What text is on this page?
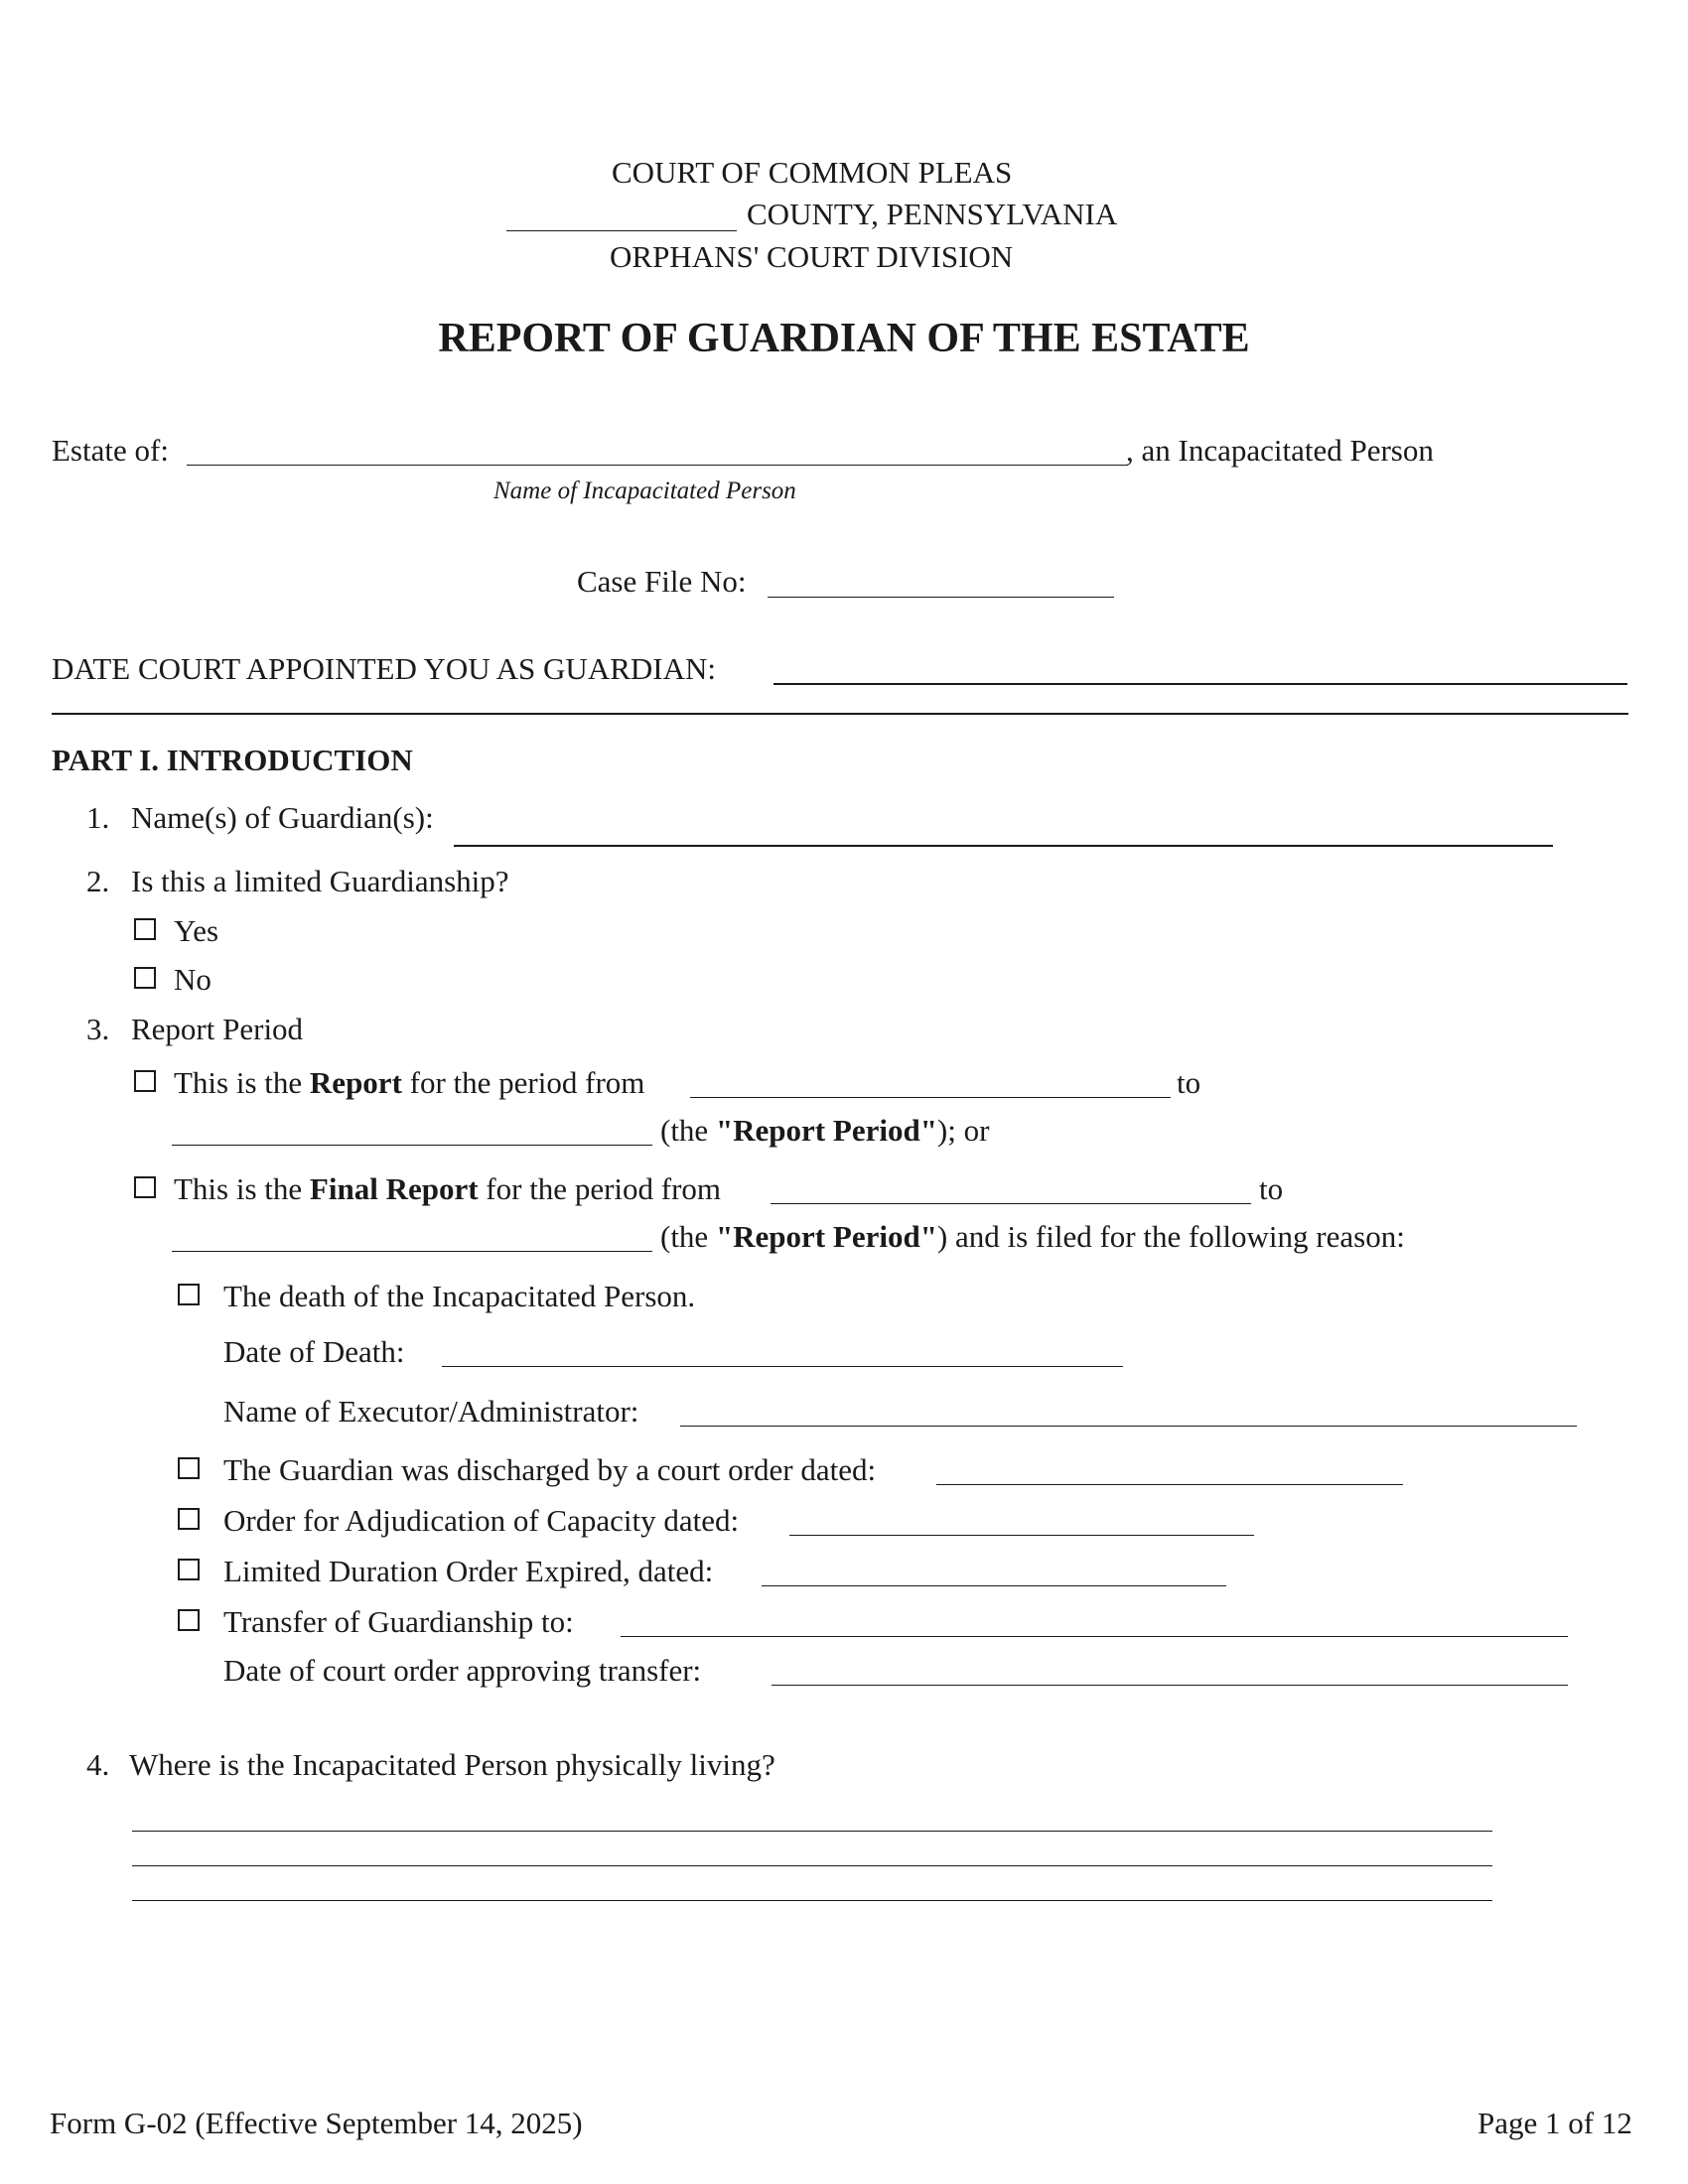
COURT OF COMMON PLEAS
COUNTY, PENNSYLVANIA
ORPHANS' COURT DIVISION
REPORT OF GUARDIAN OF THE ESTATE
Estate of:	, an Incapacitated Person
Name of Incapacitated Person
Case File No:
DATE COURT APPOINTED YOU AS GUARDIAN:
PART I. INTRODUCTION
1. Name(s) of Guardian(s):
2. Is this a limited Guardianship?
Yes
No
3. Report Period
This is the Report for the period from	to
(the "Report Period"); or
This is the Final Report for the period from	to
(the "Report Period") and is filed for the following reason:
The death of the Incapacitated Person.
Date of Death:
Name of Executor/Administrator:
The Guardian was discharged by a court order dated:
Order for Adjudication of Capacity dated:
Limited Duration Order Expired, dated:
Transfer of Guardianship to:
Date of court order approving transfer:
4. Where is the Incapacitated Person physically living?
Form G-02 (Effective September 14, 2025)	Page 1 of 12
